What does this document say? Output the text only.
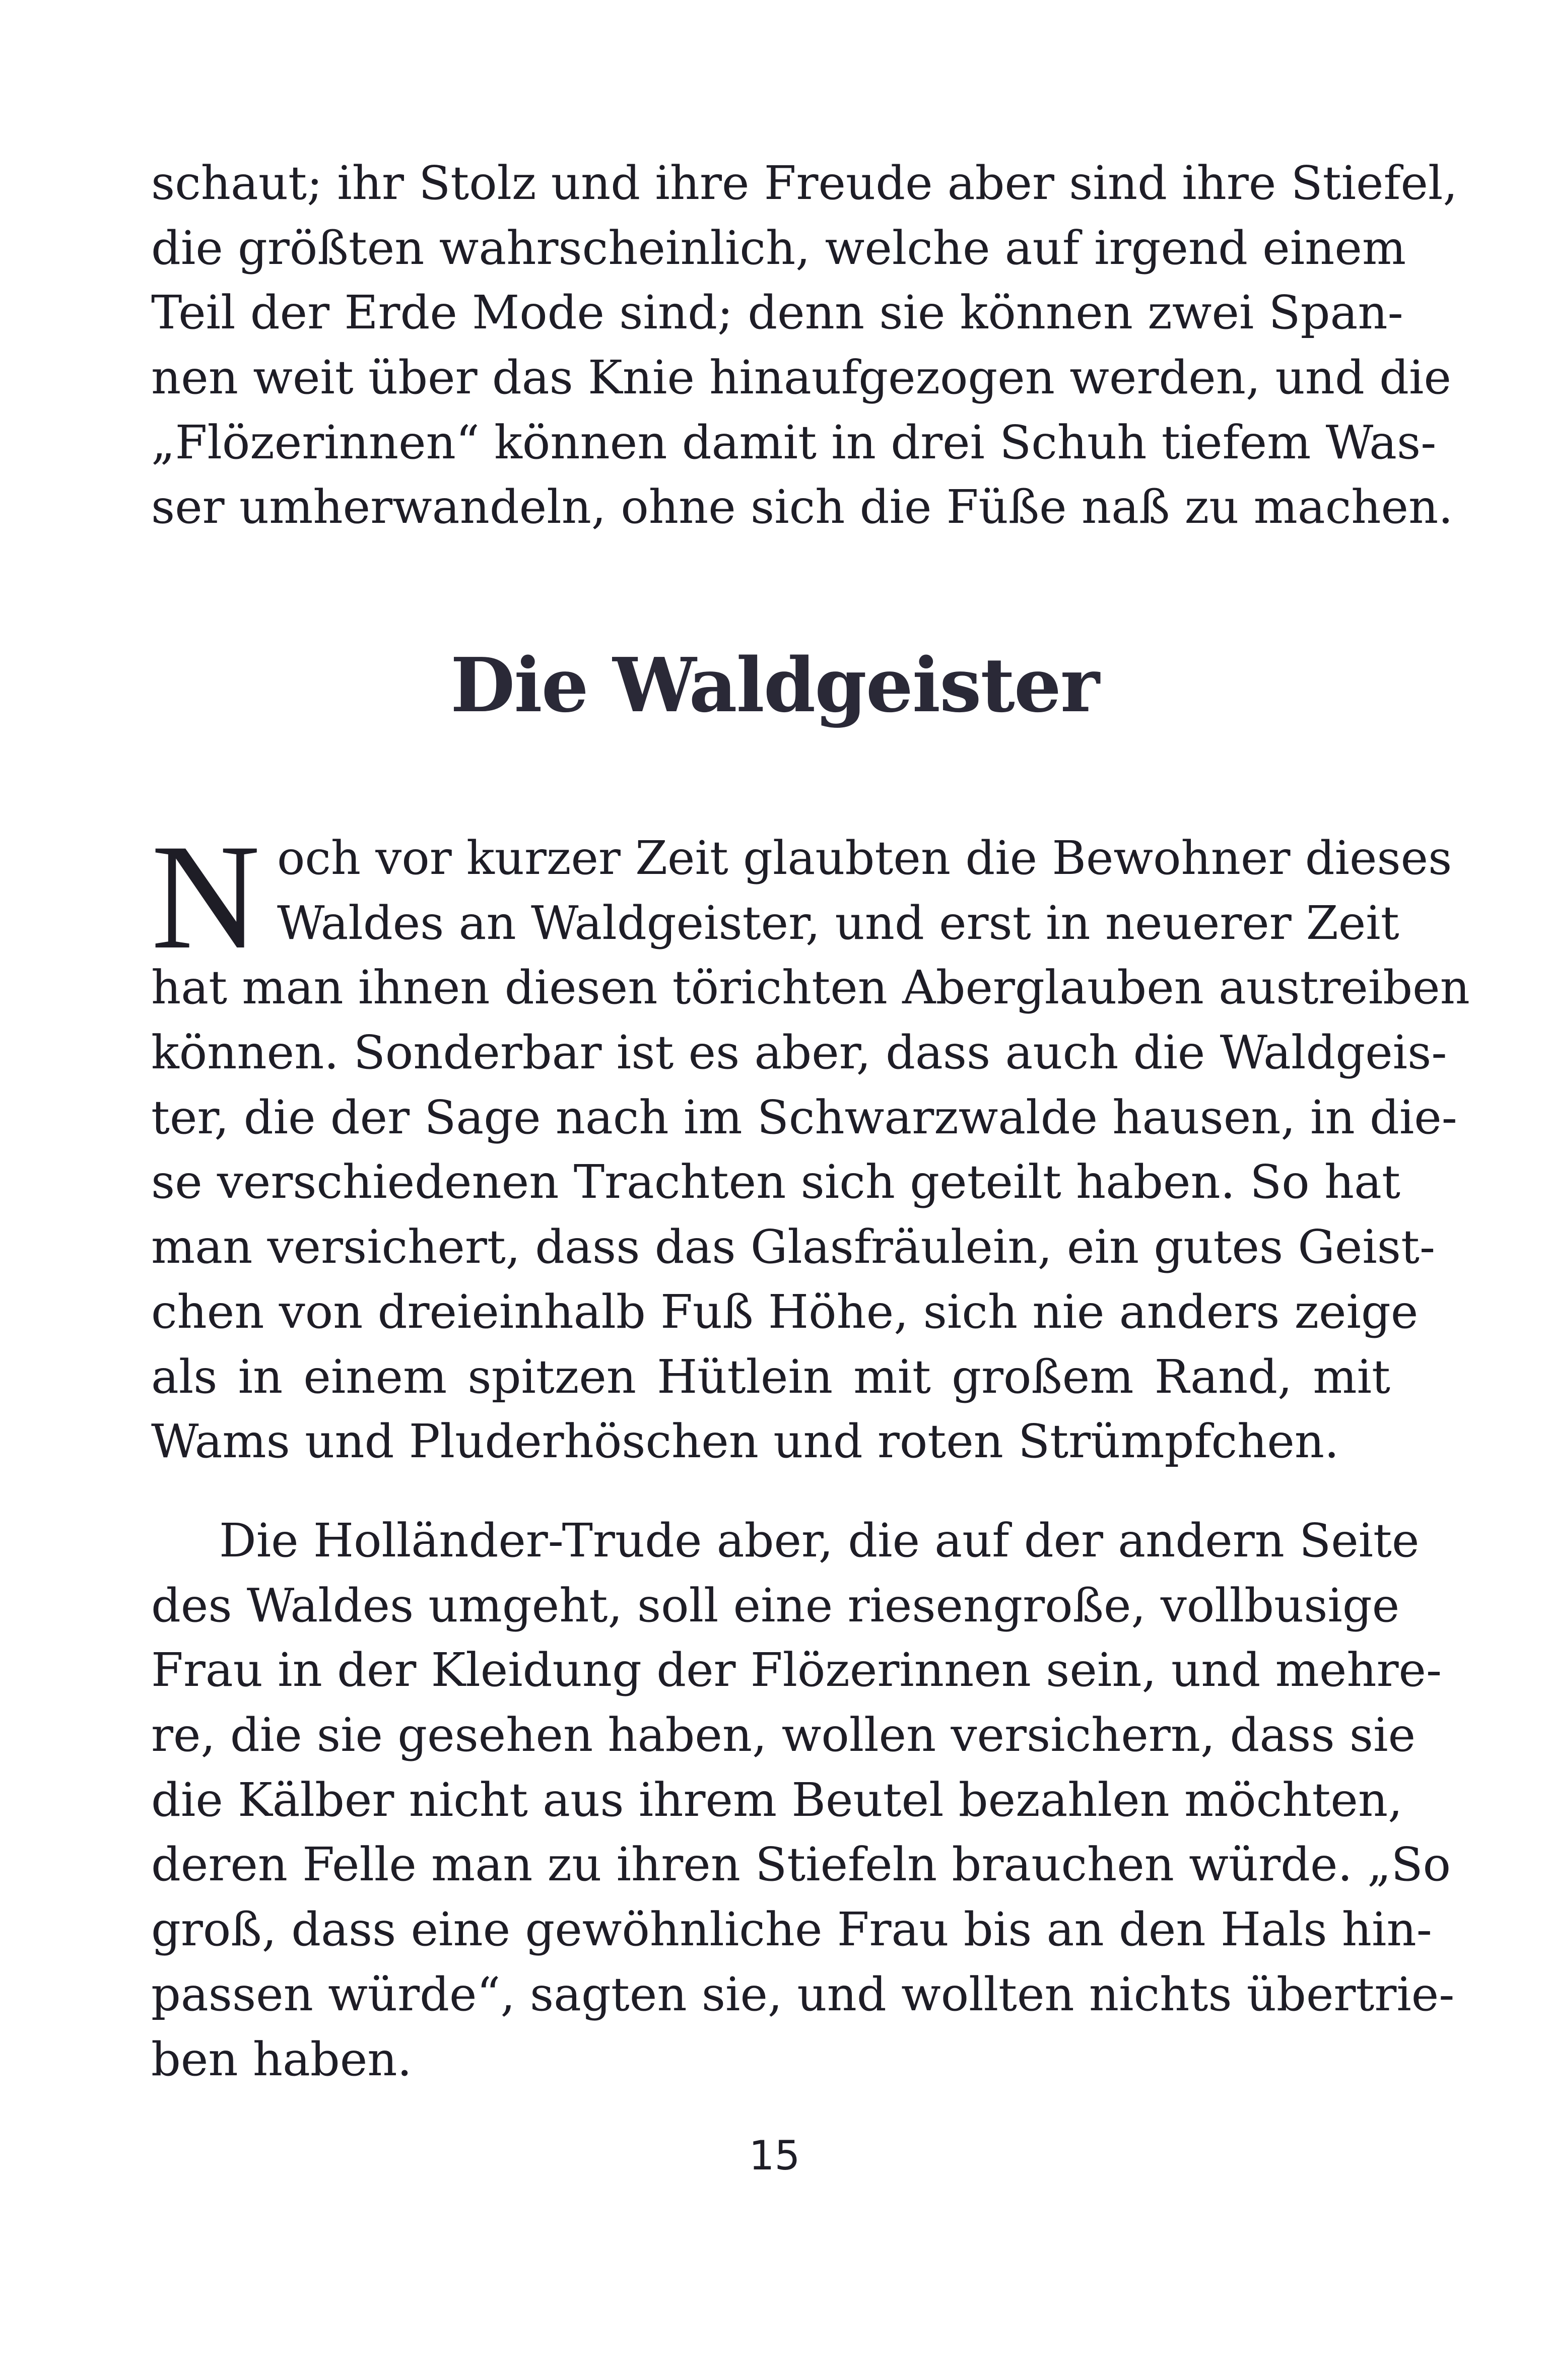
schaut; ihr Stolz und ihre Freude aber sind ihre Stiefel,
die größten wahrscheinlich, welche auf irgend einem
Teil der Erde Mode sind; denn sie können zwei Span-
nen weit über das Knie hinaufgezogen werden, und die
„Flözerinnen“ können damit in drei Schuh tiefem Was-
ser umherwandeln, ohne sich die Füße naß zu machen.
Die Waldgeister
N och vor kurzer Zeit glaubten die Bewohner dieses
Waldes an Waldgeister, und erst in neuerer Zeit
hat man ihnen diesen törichten Aberglauben austreiben
können. Sonderbar ist es aber, dass auch die Waldgeis-
ter, die der Sage nach im Schwarzwalde hausen, in die-
se verschiedenen Trachten sich geteilt haben. So hat
man versichert, dass das Glasfräulein, ein gutes Geist-
chen von dreieinhalb Fuß Höhe, sich nie anders zeige
als in einem spitzen Hütlein mit großem Rand, mit
Wams und Pluderhöschen und roten Strümpfchen.
Die Holländer-Trude aber, die auf der andern Seite
des Waldes umgeht, soll eine riesengroße, vollbusige
Frau in der Kleidung der Flözerinnen sein, und mehre-
re, die sie gesehen haben, wollen versichern, dass sie
die Kälber nicht aus ihrem Beutel bezahlen möchten,
deren Felle man zu ihren Stiefeln brauchen würde. „So
groß, dass eine gewöhnliche Frau bis an den Hals hin-
passen würde“, sagten sie, und wollten nichts übertrie-
ben haben.
15
